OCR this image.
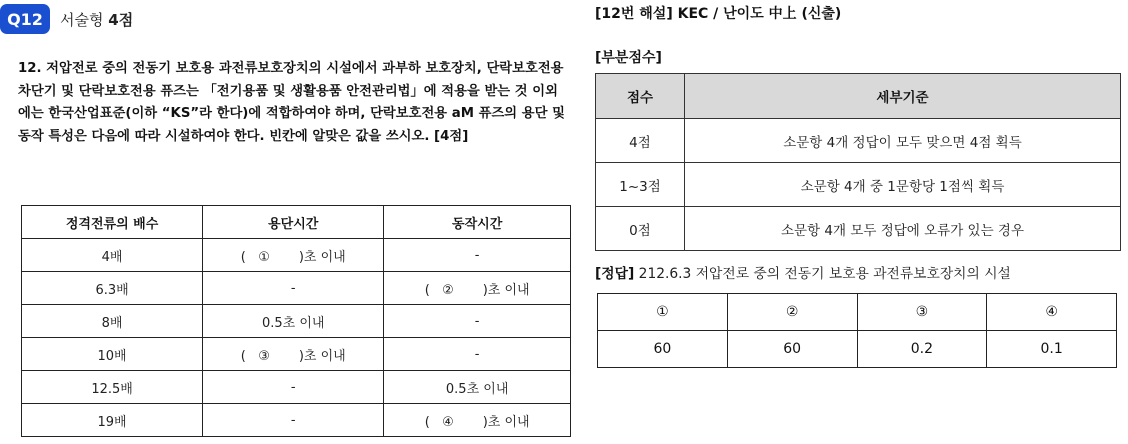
Q12	서술형 4점
12. 저압전로 중의 전동기 보호용 과전류보호장치의 시설에서 과부하 보호장치, 단락보호전용 차단기 및 단락보호전용 퓨즈는 「전기용품 및 생활용품 안전관리법」에 적용을 받는 것 이외에는 한국산업표준(이하 “KS”라 한다)에 적합하여야 하며, 단락보호전용 aM 퓨즈의 용단 및 동작 특성은 다음에 따라 시설하여야 한다. 빈칸에 알맞은 값을 쓰시오. [4점]
정격전류의 배수	용단시간	동작시간
4배	(   ①       )초 이내	-
6.3배	-	(   ②       )초 이내
8배	0.5초 이내	-
10배	(   ③       )초 이내	-
12.5배	-	0.5초 이내
19배	-	(   ④       )초 이내
[12번 해설] KEC / 난이도 中上 (신출)
[부분점수]
점수	세부기준
4점	소문항 4개 정답이 모두 맞으면 4점 획득
1~3점	소문항 4개 중 1문항당 1점씩 획득
0점	소문항 4개 모두 정답에 오류가 있는 경우
[정답] 212.6.3 저압전로 중의 전동기 보호용 과전류보호장치의 시설
①	②	③	④
60	60	0.2	0.1
